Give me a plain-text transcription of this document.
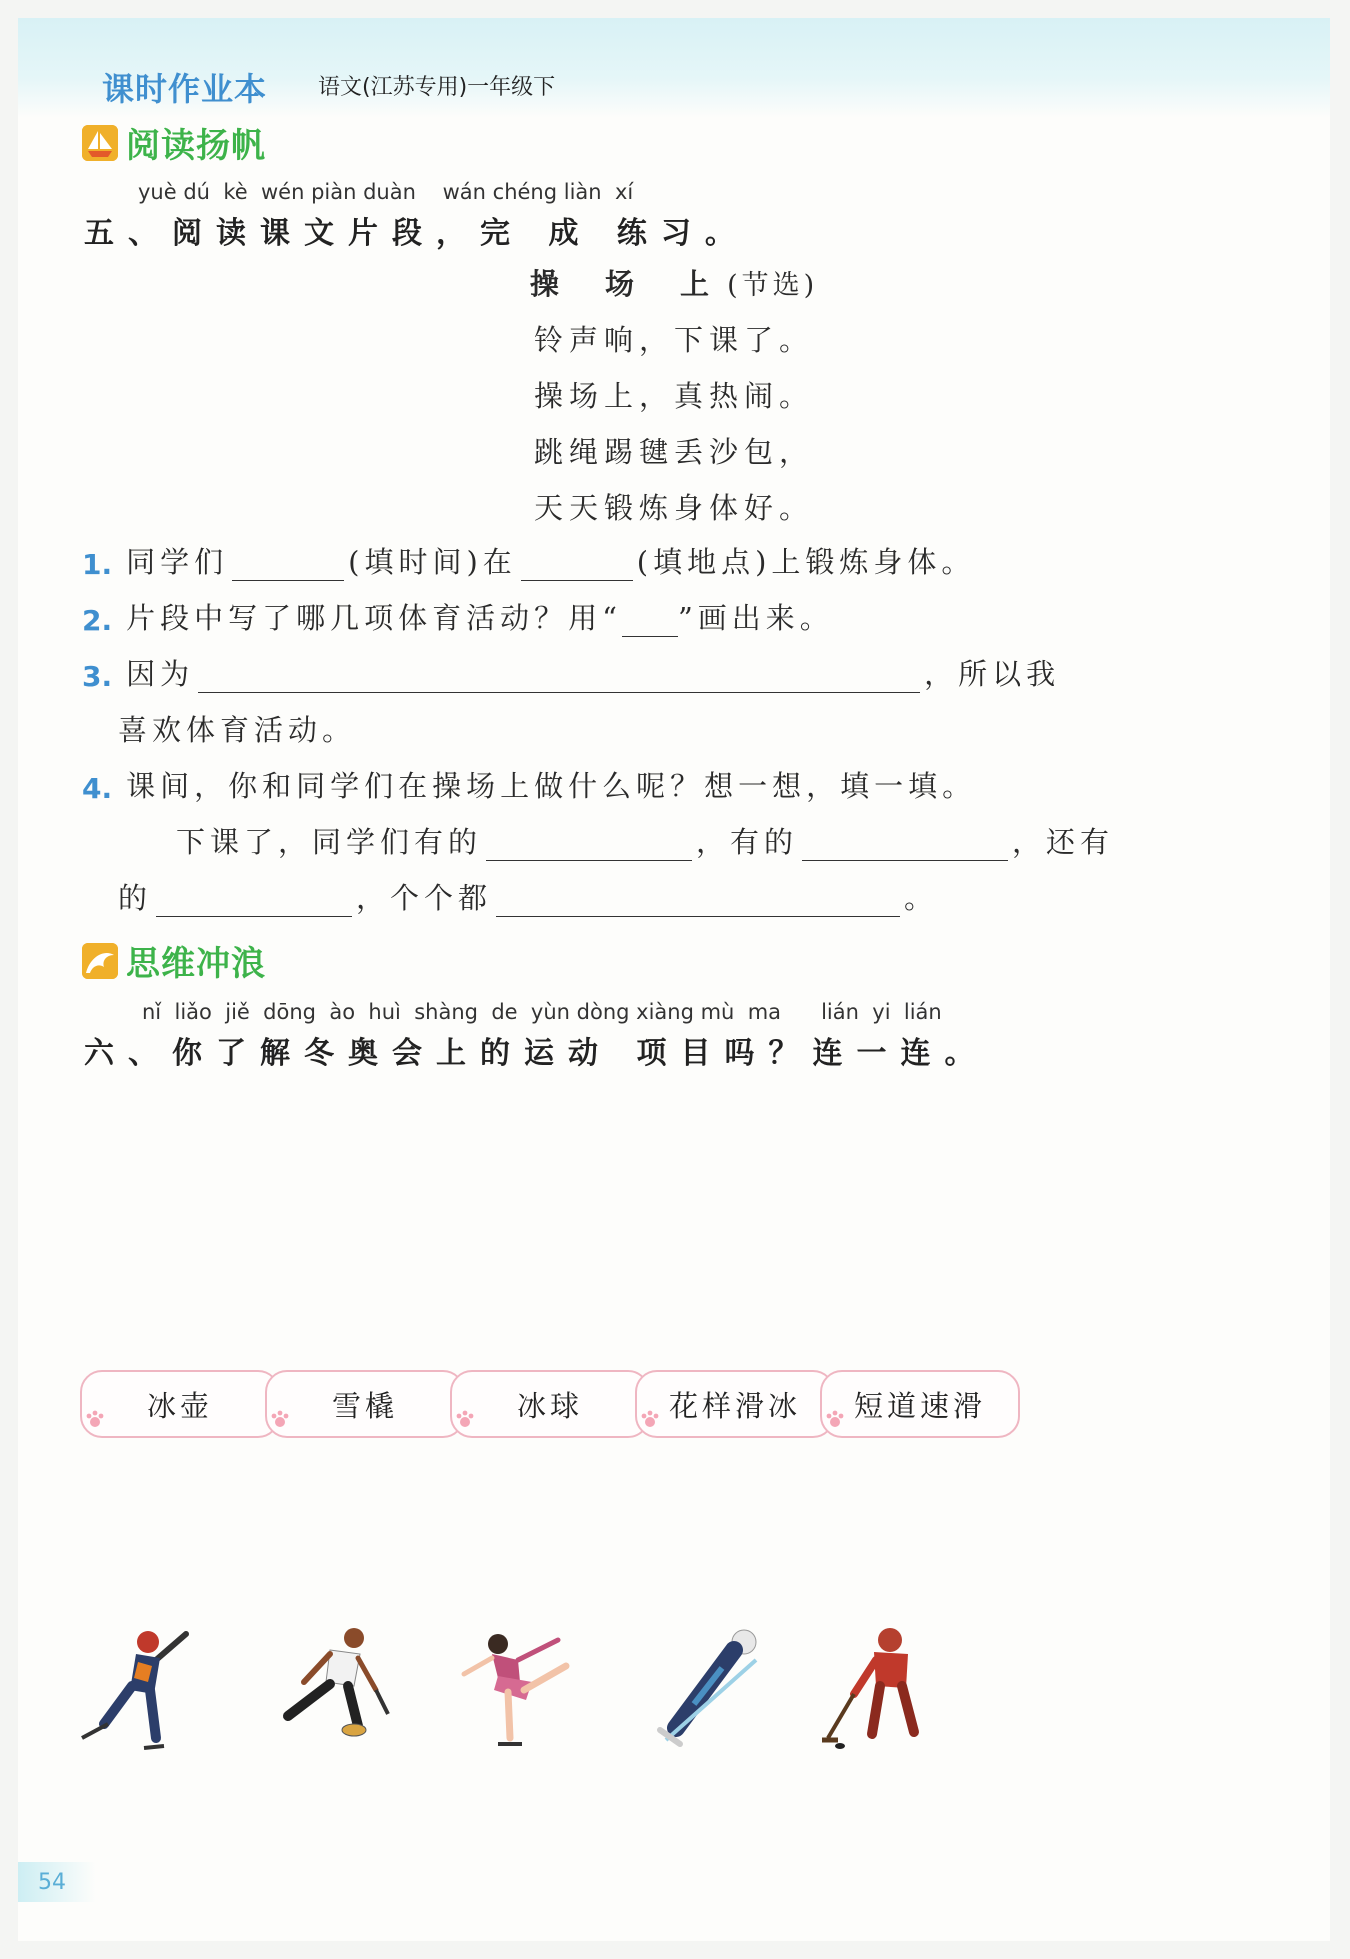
课时作业本 语文(江苏专用)一年级下
阅读扬帆
yuè dú  kè  wén piàn duàn    wán chéng liàn  xí
五、阅读课文片段，完 成 练习。
操 场 上(节选)
铃声响，下课了。
操场上，真热闹。
跳绳踢毽丢沙包，
天天锻炼身体好。
1. 同学们	(填时间)在	(填地点)上锻炼身体。
2. 片段中写了哪几项体育活动？用“ ”画出来。
3. 因为	，所以我
喜欢体育活动。
4. 课间，你和同学们在操场上做什么呢？想一想，填一填。
下课了，同学们有的	，有的	，还有
的	，个个都	。
思维冲浪
nǐ  liǎo  jiě  dōng  ào  huì  shàng  de  yùn dòng xiàng mù  ma      lián  yi  lián
六、你了解冬奥会上的运动 项目吗？连一连。
冰壶	雪橇	冰球	花样滑冰 短道速滑
54
